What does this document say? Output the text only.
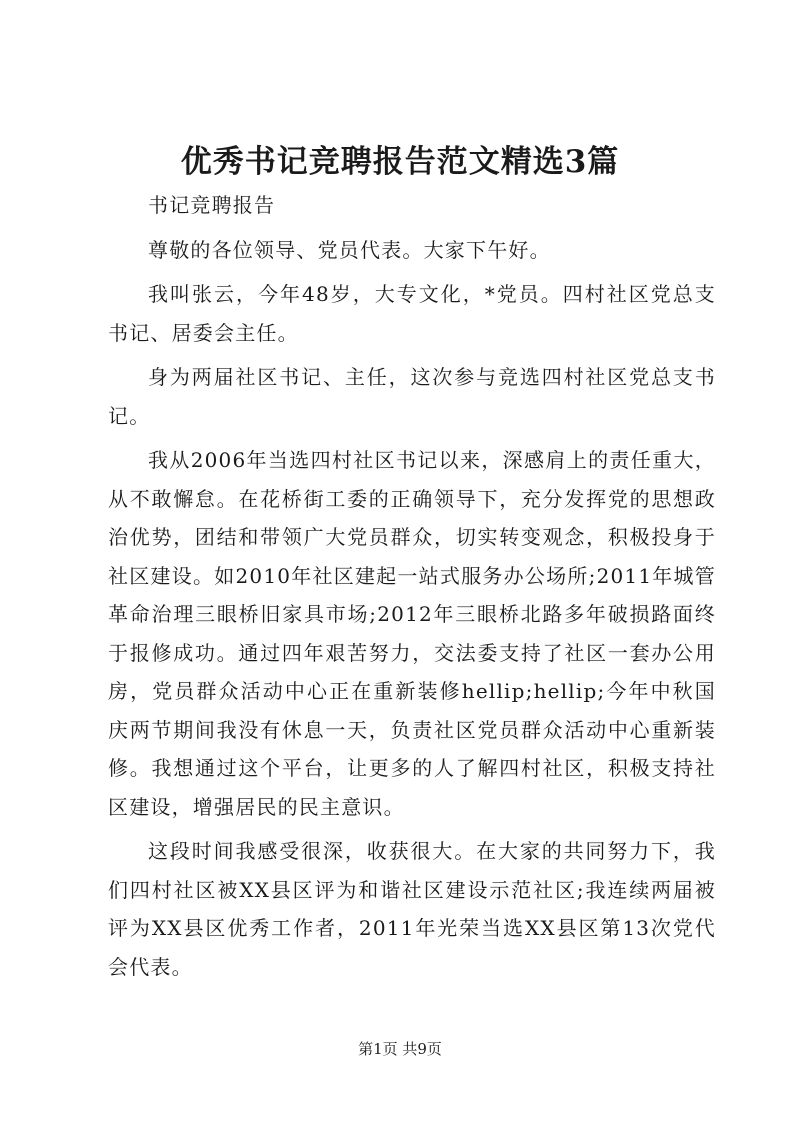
优秀书记竞聘报告范文精选3篇

书记竞聘报告

尊敬的各位领导、党员代表。大家下午好。

我叫张云，今年48岁，大专文化，*党员。四村社区党总支书记、居委会主任。

身为两届社区书记、主任，这次参与竞选四村社区党总支书记。

我从2006年当选四村社区书记以来，深感肩上的责任重大，从不敢懈怠。在花桥街工委的正确领导下，充分发挥党的思想政治优势，团结和带领广大党员群众，切实转变观念，积极投身于社区建设。如2010年社区建起一站式服务办公场所;2011年城管革命治理三眼桥旧家具市场;2012年三眼桥北路多年破损路面终于报修成功。通过四年艰苦努力，交法委支持了社区一套办公用房，党员群众活动中心正在重新装修hellip;hellip;今年中秋国庆两节期间我没有休息一天，负责社区党员群众活动中心重新装修。我想通过这个平台，让更多的人了解四村社区，积极支持社区建设，增强居民的民主意识。

这段时间我感受很深，收获很大。在大家的共同努力下，我们四村社区被XX县区评为和谐社区建设示范社区;我连续两届被评为XX县区优秀工作者，2011年光荣当选XX县区第13次党代会代表。

第1页 共9页
